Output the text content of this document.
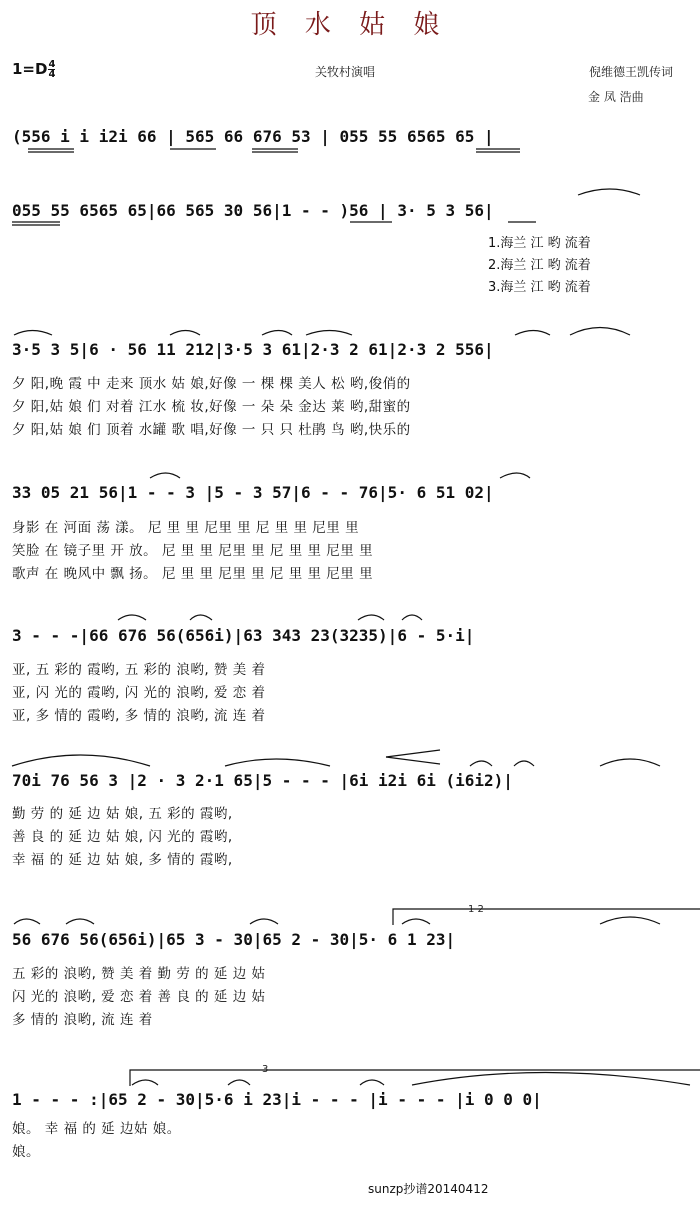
顶 水 姑 娘
$1=D \frac{4}{4}$	关牧村演唱	倪维德王凯传词
金 凤 浩曲
(556 i i i2i 66 | 565 66 676 53 | 055 55 6565 65 |
055 55 6565 65|66 565 30 56|1 - - )56 | 3· 5 3 56|
1.海兰 江 哟 流着
2.海兰 江 哟 流着
3.海兰 江 哟 流着
3·5 3 5|6 · 56 11 212|3·5 3 61|2·3 2 61|2·3 2 556|
夕 阳,晚 霞 中 走来 顶水 姑 娘,好像 一 棵 棵 美人 松 哟,俊俏的
夕 阳,姑 娘 们 对着 江水 梳 妆,好像 一 朵 朵 金达 莱 哟,甜蜜的
夕 阳,姑 娘 们 顶着 水罐 歌 唱,好像 一 只 只 杜鹃 鸟 哟,快乐的
33 05 21 56|1 - - 3 |5 - 3 57|6 - - 76|5· 6 51 02|
身影 在 河面 荡 漾。 尼 里 里 尼里 里 尼 里 里 尼里 里
笑脸 在 镜子里 开 放。 尼 里 里 尼里 里 尼 里 里 尼里 里
歌声 在 晚风中 飘 扬。 尼 里 里 尼里 里 尼 里 里 尼里 里
3 - - -|66 676 56(656i)|63 343 23(3235)|6 - 5·i|
亚, 五 彩的 霞哟, 五 彩的 浪哟, 赞 美 着
亚, 闪 光的 霞哟, 闪 光的 浪哟, 爱 恋 着
亚, 多 情的 霞哟, 多 情的 浪哟, 流 连 着
70i 76 56 3 |2 · 3 2·1 65|5 - - - |6i i2i 6i (i6i2)|
勤 劳 的 延 边 姑 娘, 五 彩的 霞哟,
善 良 的 延 边 姑 娘, 闪 光的 霞哟,
幸 福 的 延 边 姑 娘, 多 情的 霞哟,
1 2
56 676 56(656i)|65 3 - 30|65 2 - 30|5· 6 1 23|
五 彩的 浪哟, 赞 美 着 勤 劳 的 延 边 姑
闪 光的 浪哟, 爱 恋 着 善 良 的 延 边 姑
多 情的 浪哟, 流 连 着
3
1 - - - :|65 2 - 30|5·6 i 23|i - - - |i - - - |i 0 0 0|
娘。 幸 福 的 延 边姑 娘。
娘。
sunzp抄谱20140412
